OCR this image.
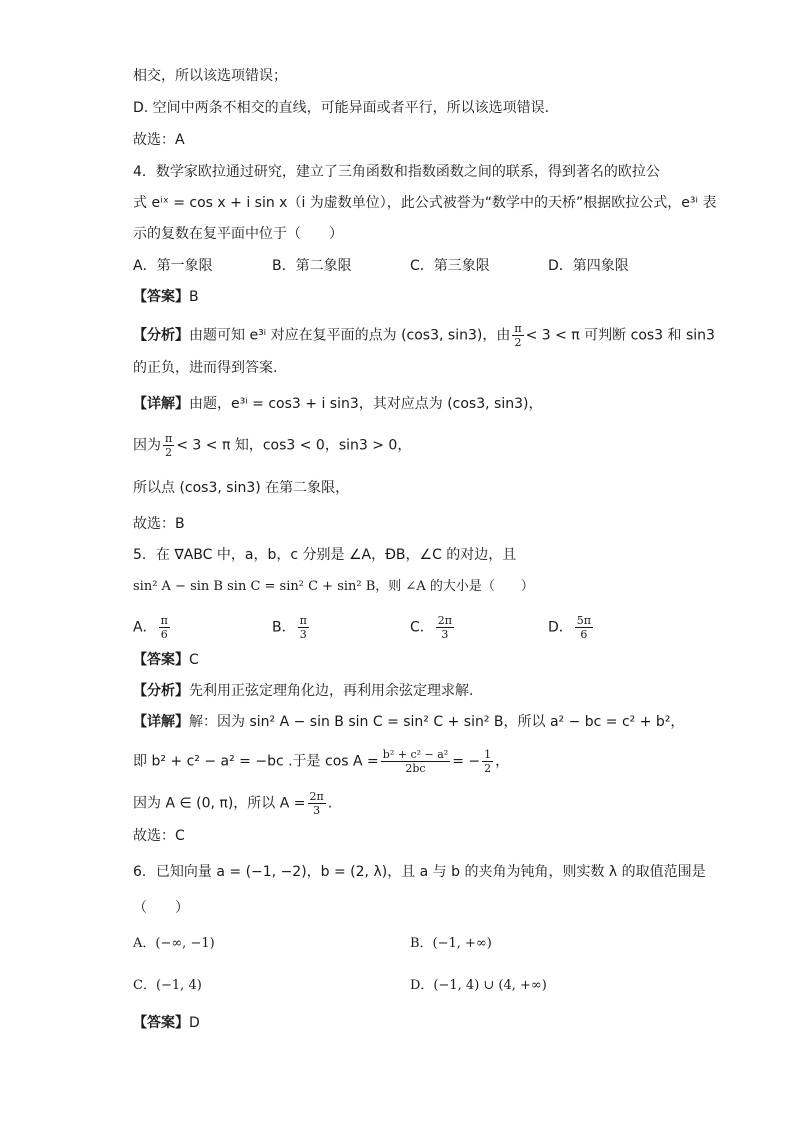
相交，所以该选项错误；
D. 空间中两条不相交的直线，可能异面或者平行，所以该选项错误.
故选：A
4．数学家欧拉通过研究，建立了三角函数和指数函数之间的联系，得到著名的欧拉公
式 eⁱˣ = cos x + i sin x（i 为虚数单位），此公式被誉为“数学中的天桥”根据欧拉公式，e³ⁱ 表
示的复数在复平面中位于（　　）
A．第一象限	B．第二象限	C．第三象限	D．第四象限
【答案】B
【分析】由题可知 e³ⁱ 对应在复平面的点为 (cos3, sin3)，由 $\frac{\pi}{2} < 3 < \pi$ 可判断 cos3 和 sin3
的正负，进而得到答案.
【详解】由题，e³ⁱ = cos3 + i sin3，其对应点为 (cos3, sin3)，
因为 $\frac{\pi}{2} < 3 < \pi$ 知，cos3 < 0，sin3 > 0，
所以点 (cos3, sin3) 在第二象限，
故选：B
5．在 ∇ABC 中，a，b，c 分别是 ∠A，ÐB，∠C 的对边，且
sin² A − sin B sin C = sin² C + sin² B，则 ∠A 的大小是（　　）
A． $\frac{\pi}{6}$	B． $\frac{\pi}{3}$	C． $\frac{2\pi}{3}$	D． $\frac{5\pi}{6}$
【答案】C
【分析】先利用正弦定理角化边，再利用余弦定理求解.
【详解】解：因为 sin² A − sin B sin C = sin² C + sin² B，所以 a² − bc = c² + b²，
即 b² + c² − a² = −bc .于是 $\cos A = \frac{\text{b² + c² − a²}}{2bc}$ = − $\frac{1}{2}$ ，
因为 A ∈ (0, π)，所以 $A = \frac{2\pi}{3}$ .
故选：C
6．已知向量 a = (−1, −2)，b = (2, λ)，且 a 与 b 的夹角为钝角，则实数 λ 的取值范围是
（　　）
A．(−∞, −1)	B．(−1, +∞)
C．(−1, 4)	D．(−1, 4) ∪ (4, +∞)
【答案】D
